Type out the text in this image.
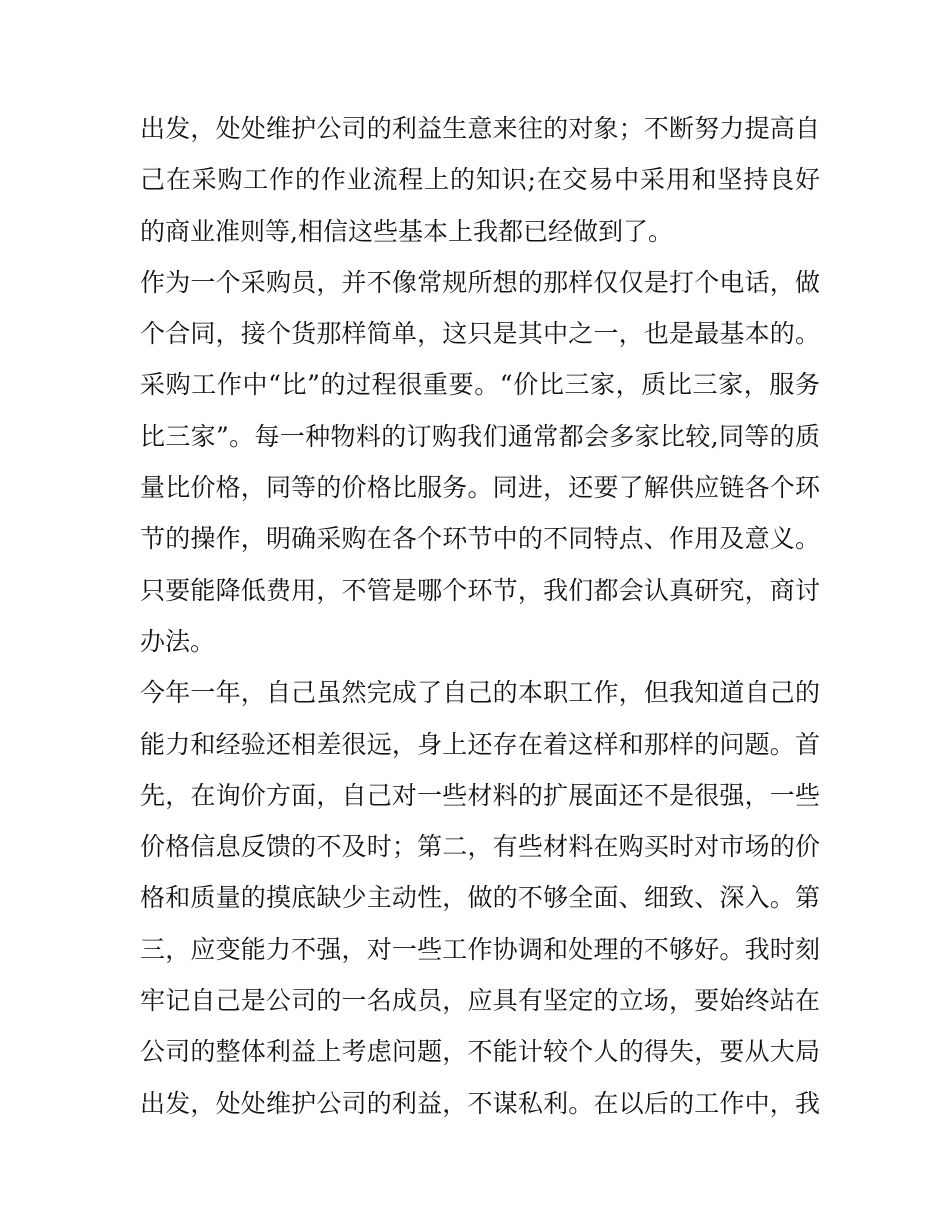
出发，处处维护公司的利益生意来往的对象；不断努力提高自
己在采购工作的作业流程上的知识;在交易中采用和坚持良好
的商业准则等,相信这些基本上我都已经做到了。
作为一个采购员，并不像常规所想的那样仅仅是打个电话，做
个合同，接个货那样简单，这只是其中之一，也是最基本的。
采购工作中“比”的过程很重要。“价比三家，质比三家，服务
比三家”。每一种物料的订购我们通常都会多家比较,同等的质
量比价格，同等的价格比服务。同进，还要了解供应链各个环
节的操作，明确采购在各个环节中的不同特点、作用及意义。
只要能降低费用，不管是哪个环节，我们都会认真研究，商讨
办法。
今年一年，自己虽然完成了自己的本职工作，但我知道自己的
能力和经验还相差很远，身上还存在着这样和那样的问题。首
先，在询价方面，自己对一些材料的扩展面还不是很强，一些
价格信息反馈的不及时；第二，有些材料在购买时对市场的价
格和质量的摸底缺少主动性，做的不够全面、细致、深入。第
三，应变能力不强，对一些工作协调和处理的不够好。我时刻
牢记自己是公司的一名成员，应具有坚定的立场，要始终站在
公司的整体利益上考虑问题，不能计较个人的得失，要从大局
出发，处处维护公司的利益，不谋私利。在以后的工作中，我
